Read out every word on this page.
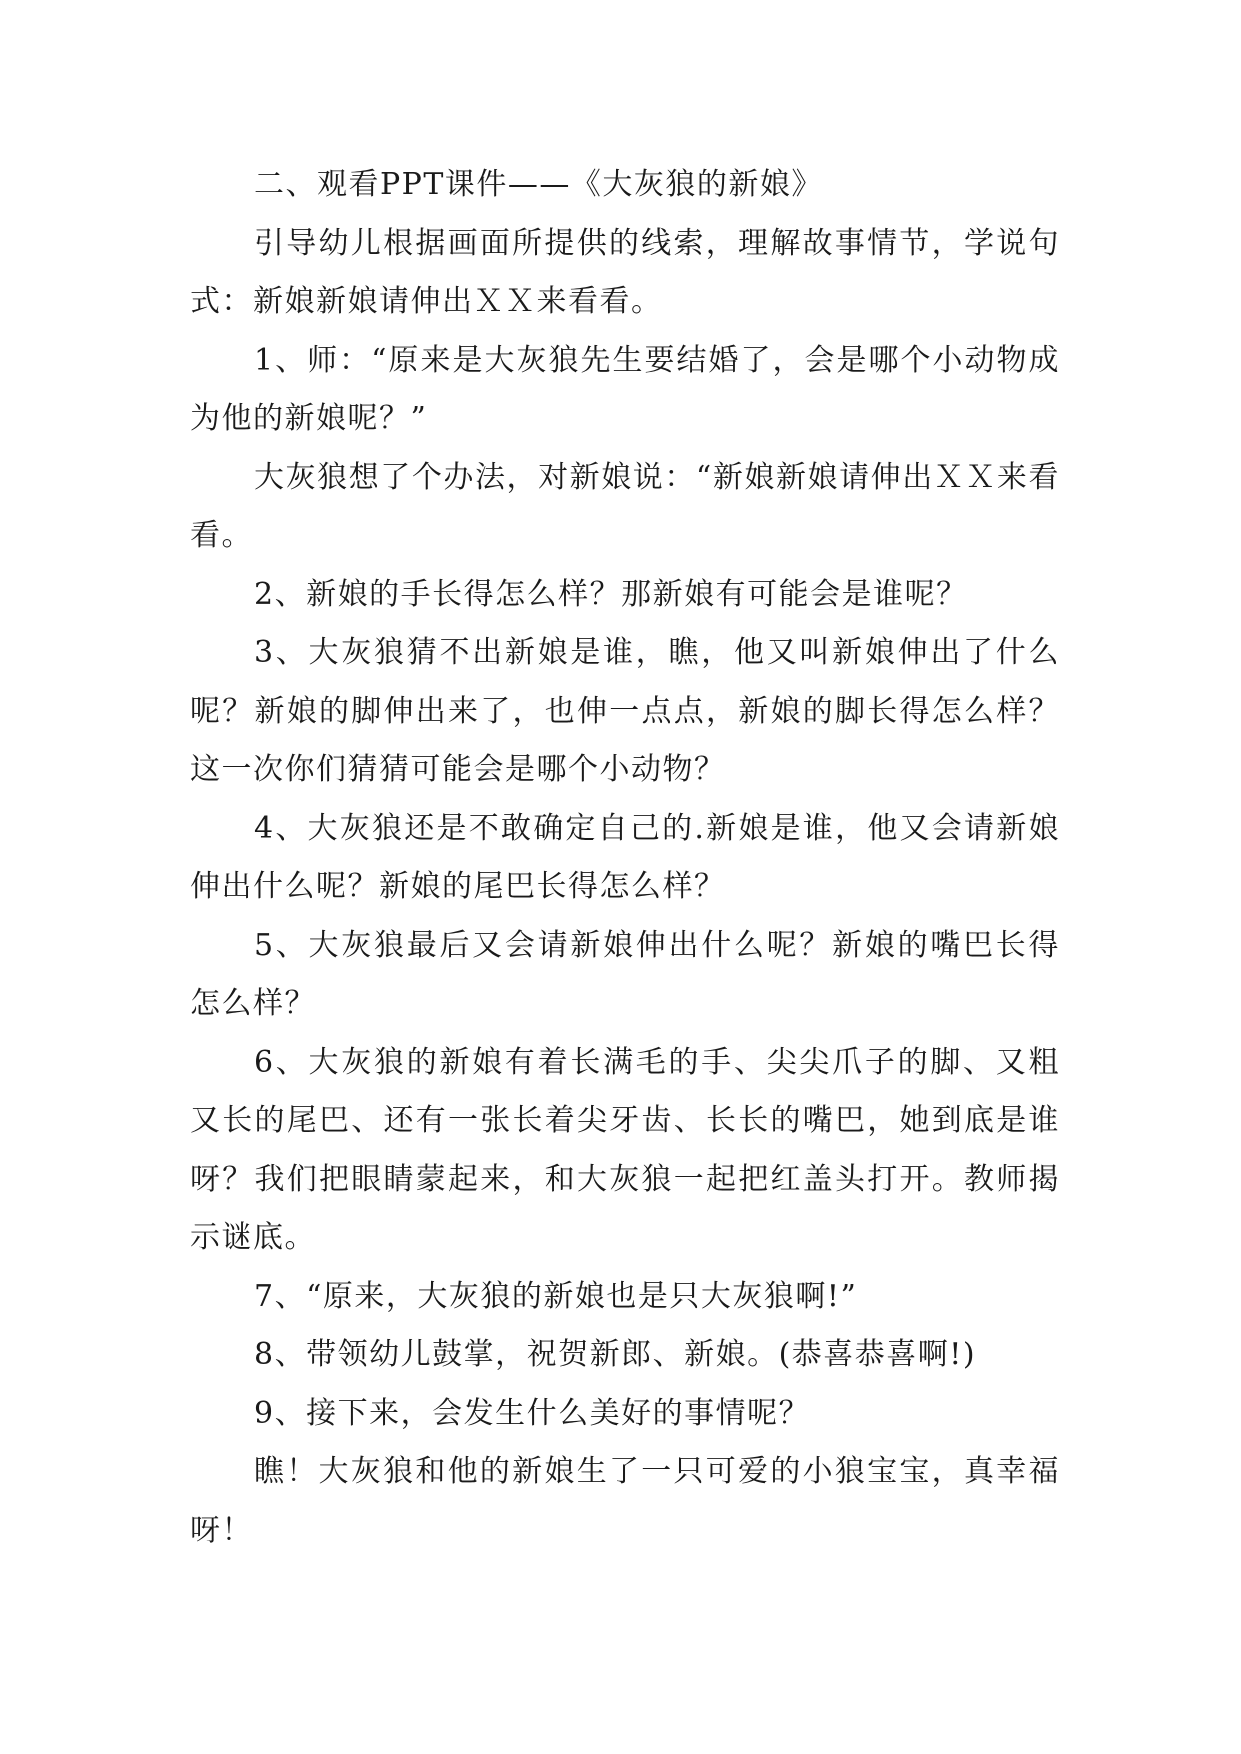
二、观看PPT课件——《大灰狼的新娘》

引导幼儿根据画面所提供的线索，理解故事情节，学说句式：新娘新娘请伸出ＸＸ来看看。

1、师：“原来是大灰狼先生要结婚了，会是哪个小动物成为他的新娘呢？”

大灰狼想了个办法，对新娘说：“新娘新娘请伸出ＸＸ来看看。

2、新娘的手长得怎么样？那新娘有可能会是谁呢？

3、大灰狼猜不出新娘是谁，瞧，他又叫新娘伸出了什么呢？新娘的脚伸出来了，也伸一点点，新娘的脚长得怎么样？这一次你们猜猜可能会是哪个小动物？

4、大灰狼还是不敢确定自己的.新娘是谁，他又会请新娘伸出什么呢？新娘的尾巴长得怎么样？

5、大灰狼最后又会请新娘伸出什么呢？新娘的嘴巴长得怎么样？

6、大灰狼的新娘有着长满毛的手、尖尖爪子的脚、又粗又长的尾巴、还有一张长着尖牙齿、长长的嘴巴，她到底是谁呀？我们把眼睛蒙起来，和大灰狼一起把红盖头打开。教师揭示谜底。

7、“原来，大灰狼的新娘也是只大灰狼啊!”

8、带领幼儿鼓掌，祝贺新郎、新娘。(恭喜恭喜啊!)

9、接下来，会发生什么美好的事情呢？

瞧！大灰狼和他的新娘生了一只可爱的小狼宝宝，真幸福呀！
